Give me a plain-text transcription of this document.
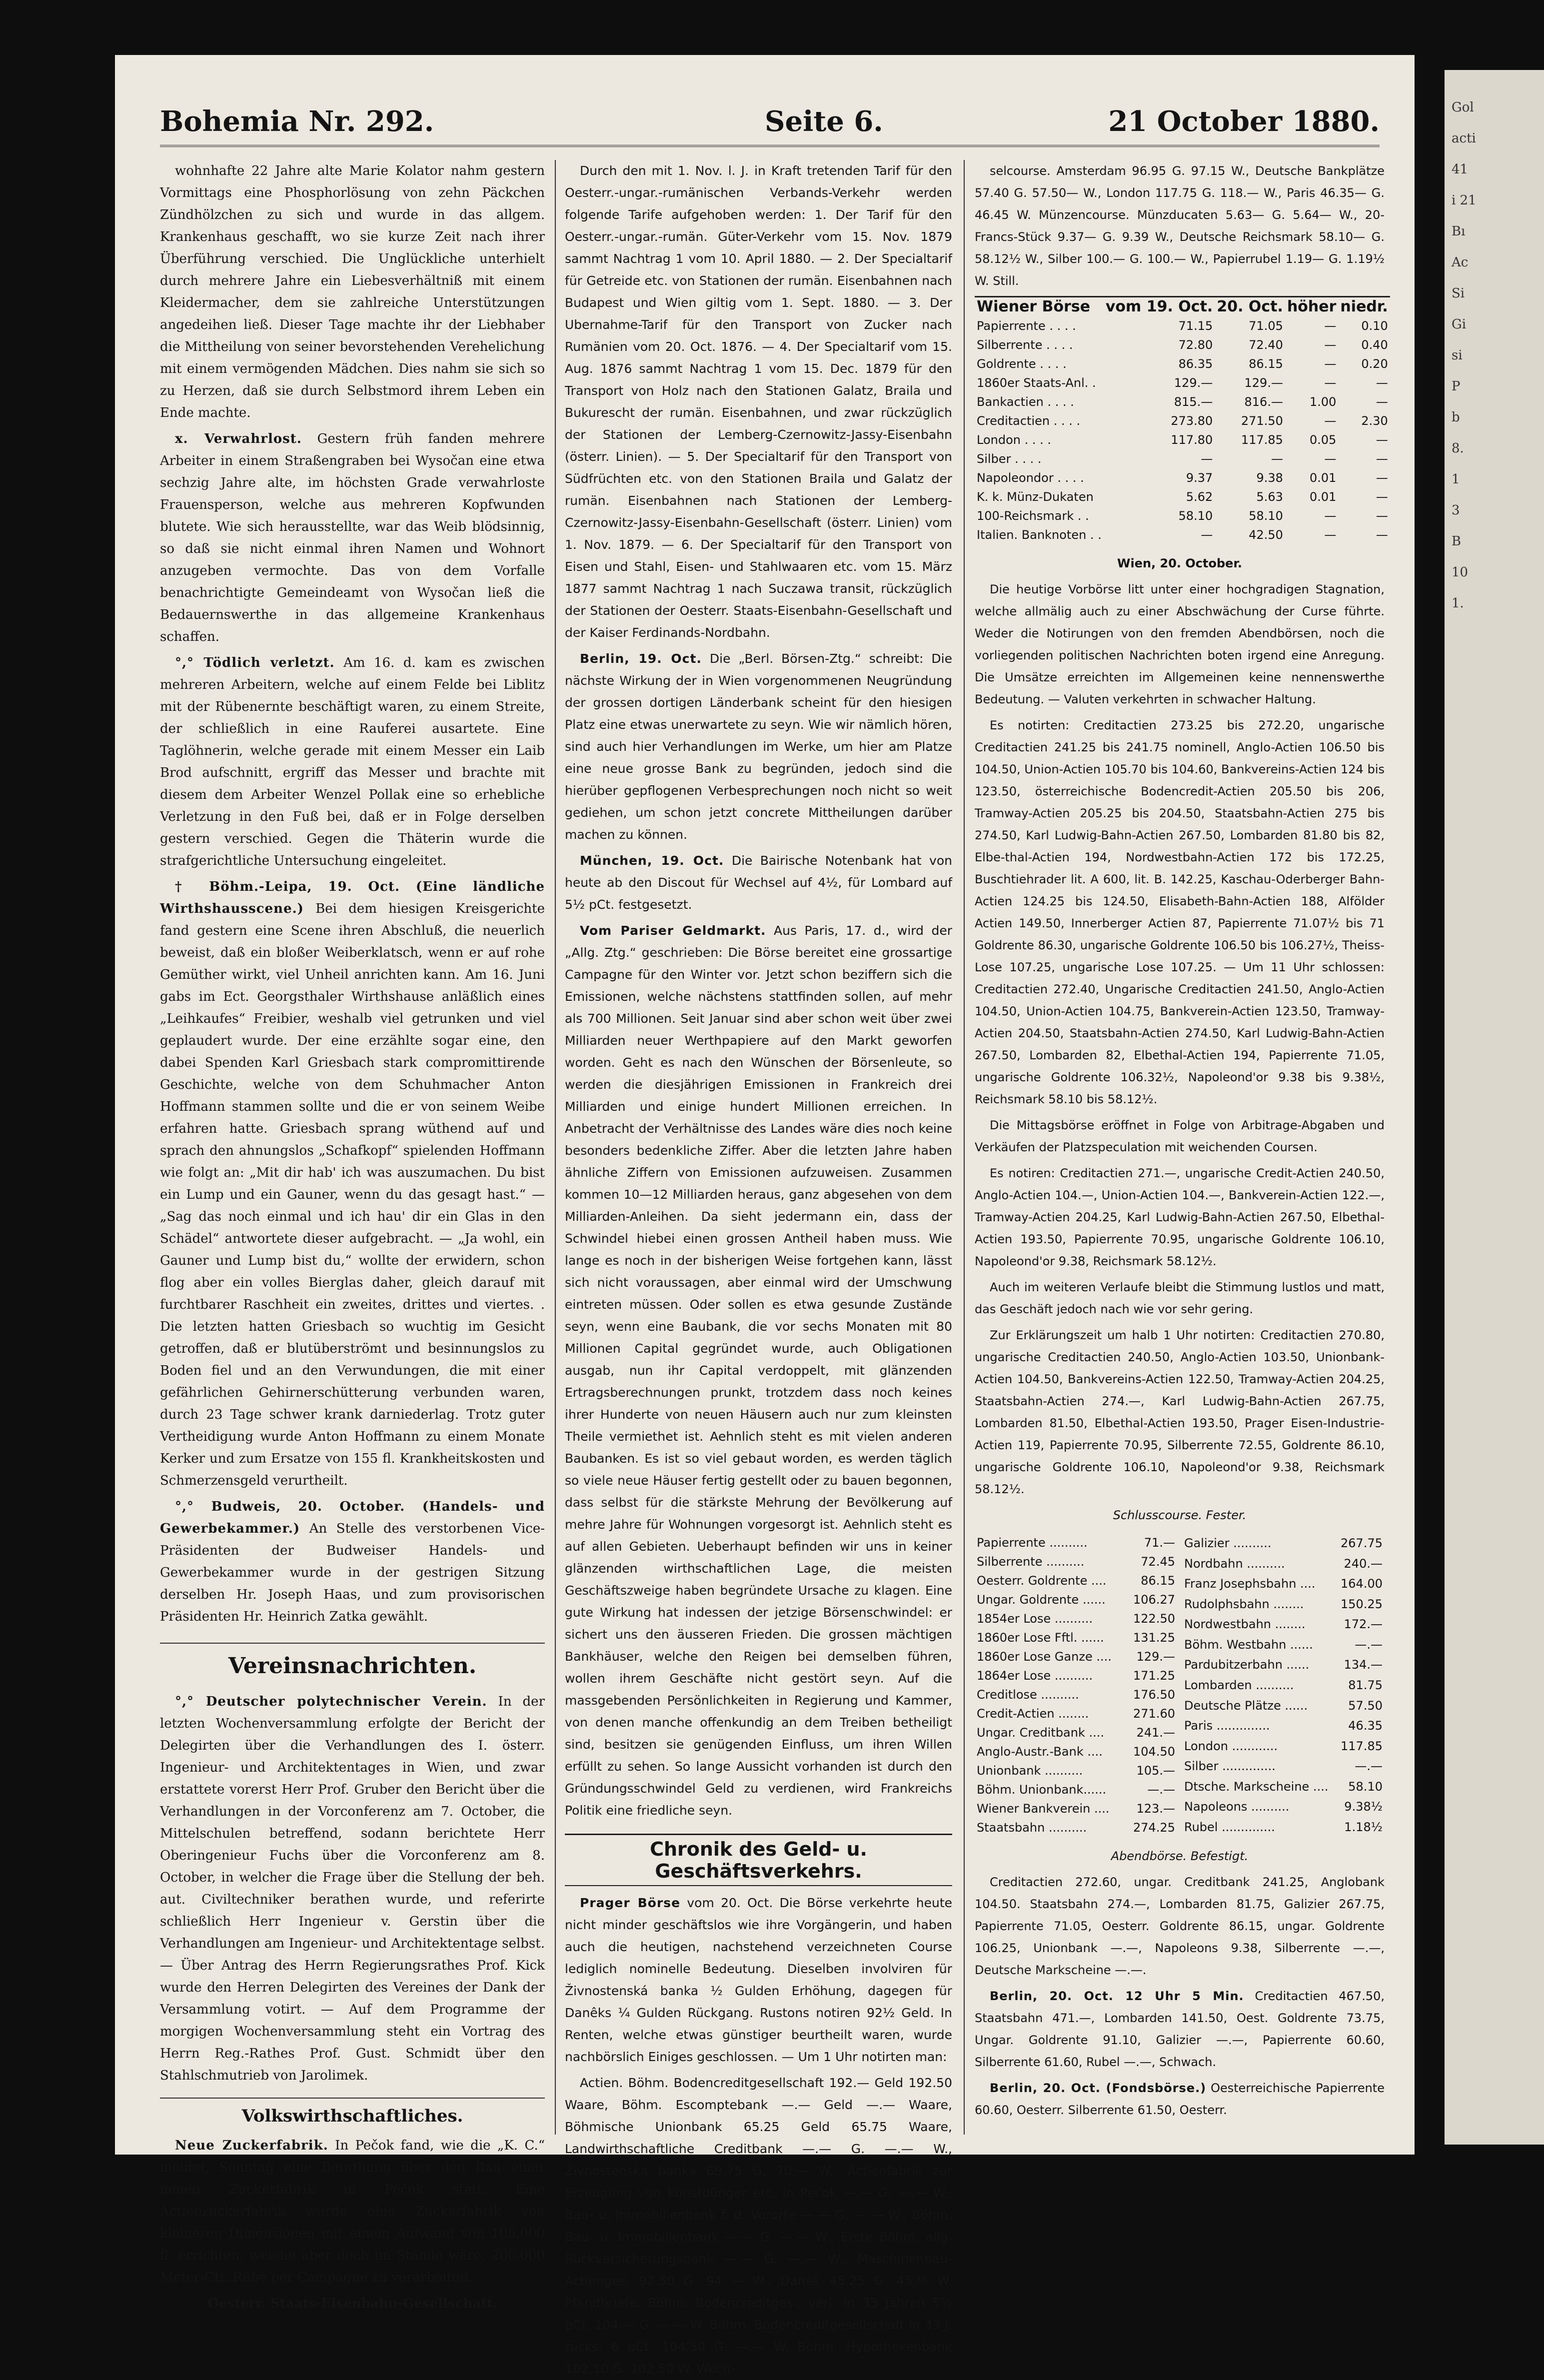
Bohemia Nr. 292.	Seite 6.	21 October 1880.

wohnhafte 22 Jahre alte Marie Kolator nahm gestern Vormittags eine Phosphorlösung von zehn Päckchen Zündhölzchen zu sich und wurde in das allgem. Krankenhaus geschafft, wo sie kurze Zeit nach ihrer Überführung verschied. Die Unglückliche unterhielt durch mehrere Jahre ein Liebesverhältniß mit einem Kleidermacher, dem sie zahlreiche Unterstützungen angedeihen ließ. Dieser Tage machte ihr der Liebhaber die Mittheilung von seiner bevorstehenden Verehelichung mit einem vermögenden Mädchen. Dies nahm sie sich so zu Herzen, daß sie durch Selbstmord ihrem Leben ein Ende machte.

x. Verwahrlost. Gestern früh fanden mehrere Arbeiter in einem Straßengraben bei Wysočan eine etwa sechzig Jahre alte, im höchsten Grade verwahrloste Frauensperson, welche aus mehreren Kopfwunden blutete. Wie sich herausstellte, war das Weib blödsinnig, so daß sie nicht einmal ihren Namen und Wohnort anzugeben vermochte. Das von dem Vorfalle benachrichtigte Gemeindeamt von Wysočan ließ die Bedauernswerthe in das allgemeine Krankenhaus schaffen.

°,° Tödlich verletzt. Am 16. d. kam es zwischen mehreren Arbeitern, welche auf einem Felde bei Liblitz mit der Rübenernte beschäftigt waren, zu einem Streite, der schließlich in eine Rauferei ausartete. Eine Taglöhnerin, welche gerade mit einem Messer ein Laib Brod aufschnitt, ergriff das Messer und brachte mit diesem dem Arbeiter Wenzel Pollak eine so erhebliche Verletzung in den Fuß bei, daß er in Folge derselben gestern verschied. Gegen die Thäterin wurde die strafgerichtliche Untersuchung eingeleitet.

† Böhm.-Leipa, 19. Oct. (Eine ländliche Wirthshausscene.) Bei dem hiesigen Kreisgerichte fand gestern eine Scene ihren Abschluß, die neuerlich beweist, daß ein bloßer Weiberklatsch, wenn er auf rohe Gemüther wirkt, viel Unheil anrichten kann. Am 16. Juni gabs im Ect. Georgsthaler Wirthshause anläßlich eines „Leihkaufes“ Freibier, weshalb viel getrunken und viel geplaudert wurde. Der eine erzählte sogar eine, den dabei Spenden Karl Griesbach stark compromittirende Geschichte, welche von dem Schuhmacher Anton Hoffmann stammen sollte und die er von seinem Weibe erfahren hatte. Griesbach sprang wüthend auf und sprach den ahnungslos „Schafkopf“ spielenden Hoffmann wie folgt an: „Mit dir hab' ich was auszumachen. Du bist ein Lump und ein Gauner, wenn du das gesagt hast.“ — „Sag das noch einmal und ich hau' dir ein Glas in den Schädel“ antwortete dieser aufgebracht. — „Ja wohl, ein Gauner und Lump bist du,“ wollte der erwidern, schon flog aber ein volles Bierglas daher, gleich darauf mit furchtbarer Raschheit ein zweites, drittes und viertes. . Die letzten hatten Griesbach so wuchtig im Gesicht getroffen, daß er blutüberströmt und besinnungslos zu Boden fiel und an den Verwundungen, die mit einer gefährlichen Gehirnerschütterung verbunden waren, durch 23 Tage schwer krank darniederlag. Trotz guter Vertheidigung wurde Anton Hoffmann zu einem Monate Kerker und zum Ersatze von 155 fl. Krankheitskosten und Schmerzensgeld verurtheilt.

°,° Budweis, 20. October. (Handels- und Gewerbekammer.) An Stelle des verstorbenen Vice-Präsidenten der Budweiser Handels- und Gewerbekammer wurde in der gestrigen Sitzung derselben Hr. Joseph Haas, und zum provisorischen Präsidenten Hr. Heinrich Zatka gewählt.

Vereinsnachrichten.

°,° Deutscher polytechnischer Verein. In der letzten Wochenversammlung erfolgte der Bericht der Delegirten über die Verhandlungen des I. österr. Ingenieur- und Architektentages in Wien, und zwar erstattete vorerst Herr Prof. Gruber den Bericht über die Verhandlungen in der Vorconferenz am 7. October, die Mittelschulen betreffend, sodann berichtete Herr Oberingenieur Fuchs über die Vorconferenz am 8. October, in welcher die Frage über die Stellung der beh. aut. Civiltechniker berathen wurde, und referirte schließlich Herr Ingenieur v. Gerstin über die Verhandlungen am Ingenieur- und Architektentage selbst. — Über Antrag des Herrn Regierungsrathes Prof. Kick wurde den Herren Delegirten des Vereines der Dank der Versammlung votirt. — Auf dem Programme der morgigen Wochenversammlung steht ein Vortrag des Herrn Reg.-Rathes Prof. Gust. Schmidt über den Stahlschmutrieb von Jarolimek.

Volkswirthschaftliches.

Neue Zuckerfabrik. In Pečok fand, wie die „K. C.“ meldet, Sonntag eine Berathung über den Bau einer neuen Zuckerfabrik in Pečok statt. Eine Actienzuckerfabrik würde eine Zuckerfabrik von kleineren Dimensionen mit einem Aufwand von 105.000 fl. errichten, welche aber doch im Stande wäre, 200.000 Meter-Ctr. Rübe per Campagne zu verarbeiten.

Oesterr. Staats-Eisenbahn-Gesellschaft.

Durch den mit 1. Nov. l. J. in Kraft tretenden Tarif für den Oesterr.-ungar.-rumänischen Verbands-Verkehr werden folgende Tarife aufgehoben werden: 1. Der Tarif für den Oesterr.-ungar.-rumän. Güter-Verkehr vom 15. Nov. 1879 sammt Nachtrag 1 vom 10. April 1880. — 2. Der Specialtarif für Getreide etc. von Stationen der rumän. Eisenbahnen nach Budapest und Wien giltig vom 1. Sept. 1880. — 3. Der Ubernahme-Tarif für den Transport von Zucker nach Rumänien vom 20. Oct. 1876. — 4. Der Specialtarif vom 15. Aug. 1876 sammt Nachtrag 1 vom 15. Dec. 1879 für den Transport von Holz nach den Stationen Galatz, Braila und Bukurescht der rumän. Eisenbahnen, und zwar rückzüglich der Stationen der Lemberg-Czernowitz-Jassy-Eisenbahn (österr. Linien). — 5. Der Specialtarif für den Transport von Südfrüchten etc. von den Stationen Braila und Galatz der rumän. Eisenbahnen nach Stationen der Lemberg-Czernowitz-Jassy-Eisenbahn-Gesellschaft (österr. Linien) vom 1. Nov. 1879. — 6. Der Specialtarif für den Transport von Eisen und Stahl, Eisen- und Stahlwaaren etc. vom 15. März 1877 sammt Nachtrag 1 nach Suczawa transit, rückzüglich der Stationen der Oesterr. Staats-Eisenbahn-Gesellschaft und der Kaiser Ferdinands-Nordbahn.

Berlin, 19. Oct. Die „Berl. Börsen-Ztg.“ schreibt: Die nächste Wirkung der in Wien vorgenommenen Neugründung der grossen dortigen Länderbank scheint für den hiesigen Platz eine etwas unerwartete zu seyn. Wie wir nämlich hören, sind auch hier Verhandlungen im Werke, um hier am Platze eine neue grosse Bank zu begründen, jedoch sind die hierüber gepflogenen Verbesprechungen noch nicht so weit gediehen, um schon jetzt concrete Mittheilungen darüber machen zu können.

München, 19. Oct. Die Bairische Notenbank hat von heute ab den Discout für Wechsel auf 4½, für Lombard auf 5½ pCt. festgesetzt.

Vom Pariser Geldmarkt. Aus Paris, 17. d., wird der „Allg. Ztg.“ geschrieben: Die Börse bereitet eine grossartige Campagne für den Winter vor. Jetzt schon beziffern sich die Emissionen, welche nächstens stattfinden sollen, auf mehr als 700 Millionen. Seit Januar sind aber schon weit über zwei Milliarden neuer Werthpapiere auf den Markt geworfen worden. Geht es nach den Wünschen der Börsenleute, so werden die diesjährigen Emissionen in Frankreich drei Milliarden und einige hundert Millionen erreichen. In Anbetracht der Verhältnisse des Landes wäre dies noch keine besonders bedenkliche Ziffer. Aber die letzten Jahre haben ähnliche Ziffern von Emissionen aufzuweisen. Zusammen kommen 10—12 Milliarden heraus, ganz abgesehen von dem Milliarden-Anleihen. Da sieht jedermann ein, dass der Schwindel hiebei einen grossen Antheil haben muss. Wie lange es noch in der bisherigen Weise fortgehen kann, lässt sich nicht voraussagen, aber einmal wird der Umschwung eintreten müssen. Oder sollen es etwa gesunde Zustände seyn, wenn eine Baubank, die vor sechs Monaten mit 80 Millionen Capital gegründet wurde, auch Obligationen ausgab, nun ihr Capital verdoppelt, mit glänzenden Ertragsberechnungen prunkt, trotzdem dass noch keines ihrer Hunderte von neuen Häusern auch nur zum kleinsten Theile vermiethet ist. Aehnlich steht es mit vielen anderen Baubanken. Es ist so viel gebaut worden, es werden täglich so viele neue Häuser fertig gestellt oder zu bauen begonnen, dass selbst für die stärkste Mehrung der Bevölkerung auf mehre Jahre für Wohnungen vorgesorgt ist. Aehnlich steht es auf allen Gebieten. Ueberhaupt befinden wir uns in keiner glänzenden wirthschaftlichen Lage, die meisten Geschäftszweige haben begründete Ursache zu klagen. Eine gute Wirkung hat indessen der jetzige Börsenschwindel: er sichert uns den äusseren Frieden. Die grossen mächtigen Bankhäuser, welche den Reigen bei demselben führen, wollen ihrem Geschäfte nicht gestört seyn. Auf die massgebenden Persönlichkeiten in Regierung und Kammer, von denen manche offenkundig an dem Treiben betheiligt sind, besitzen sie genügenden Einfluss, um ihren Willen erfüllt zu sehen. So lange Aussicht vorhanden ist durch den Gründungsschwindel Geld zu verdienen, wird Frankreichs Politik eine friedliche seyn.

Chronik des Geld- u. Geschäftsverkehrs.

Prager Börse vom 20. Oct. Die Börse verkehrte heute nicht minder geschäftslos wie ihre Vorgängerin, und haben auch die heutigen, nachstehend verzeichneten Course lediglich nominelle Bedeutung. Dieselben involviren für Živnostenská banka ½ Gulden Erhöhung, dagegen für Danêks ¼ Gulden Rückgang. Rustons notiren 92½ Geld. In Renten, welche etwas günstiger beurtheilt waren, wurde nachbörslich Einiges geschlossen. — Um 1 Uhr notirten man:

Actien. Böhm. Bodencreditgesellschaft 192.— Geld 192.50 Waare, Böhm. Escomptebank —.— Geld —.— Waare, Böhmische Unionbank 65.25 Geld 65.75 Waare, Landwirthschaftliche Creditbank —.— G. —.— W., Živnostenská banka 69.75 G. 70.— W., Actienfabrik zur Erzeugung von Kunstdünger etc. in Pečok —.— G. —.— W., Bau- u. Immobilienbank f. d. Vororte —.— G. —.— W., Böhm. Bau- u. Immobilienbank —.— G. —.— W., Erste Böhm. allg. Rückversicherungsbank —.— G. —.— W., Maschinenbau-Actienges. 92.50 G. 94 — W., Daněk 45.25 G. 45.½ W. Pfandbriefe. Böhm. Bodencreditges., verl. in 33 Jahren 5½ pCt. 104.— G. —.— W. Böhm. Bodencreditgesellschaft in 33 J. rücks. 6 pCt. 104.50 G. —.— W. Böhm. Hypothekenbank 102.10 G. 102.50 W. Wech-

selcourse. Amsterdam 96.95 G. 97.15 W., Deutsche Bankplätze 57.40 G. 57.50— W., London 117.75 G. 118.— W., Paris 46.35— G. 46.45 W. Münzencourse. Münzducaten 5.63— G. 5.64— W., 20-Francs-Stück 9.37— G. 9.39 W., Deutsche Reichsmark 58.10— G. 58.12½ W., Silber 100.— G. 100.— W., Papierrubel 1.19— G. 1.19½ W. Still.

Wiener Börse	vom 19. Oct.	20. Oct.	höher	niedr.
Papierrente . . . .	71.15	71.05	—	0.10
Silberrente . . . .	72.80	72.40	—	0.40
Goldrente . . . .	86.35	86.15	—	0.20
1860er Staats-Anl. .	129.—	129.—	—	—
Bankactien . . . .	815.—	816.—	1.00	—
Creditactien . . . .	273.80	271.50	—	2.30
London . . . .	117.80	117.85	0.05	—
Silber . . . .	—	—	—	—
Napoleondor . . . .	9.37	9.38	0.01	—
K. k. Münz-Dukaten	5.62	5.63	0.01	—
100-Reichsmark . .	58.10	58.10	—	—
Italien. Banknoten . .	—	42.50	—	—

Wien, 20. October.

Die heutige Vorbörse litt unter einer hochgradigen Stagnation, welche allmälig auch zu einer Abschwächung der Curse führte. Weder die Notirungen von den fremden Abendbörsen, noch die vorliegenden politischen Nachrichten boten irgend eine Anregung. Die Umsätze erreichten im Allgemeinen keine nennenswerthe Bedeutung. — Valuten verkehrten in schwacher Haltung.

Es notirten: Creditactien 273.25 bis 272.20, ungarische Creditactien 241.25 bis 241.75 nominell, Anglo-Actien 106.50 bis 104.50, Union-Actien 105.70 bis 104.60, Bankvereins-Actien 124 bis 123.50, österreichische Bodencredit-Actien 205.50 bis 206, Tramway-Actien 205.25 bis 204.50, Staatsbahn-Actien 275 bis 274.50, Karl Ludwig-Bahn-Actien 267.50, Lombarden 81.80 bis 82, Elbe-thal-Actien 194, Nordwestbahn-Actien 172 bis 172.25, Buschtiehrader lit. A 600, lit. B. 142.25, Kaschau-Oderberger Bahn-Actien 124.25 bis 124.50, Elisabeth-Bahn-Actien 188, Alfölder Actien 149.50, Innerberger Actien 87, Papierrente 71.07½ bis 71 Goldrente 86.30, ungarische Goldrente 106.50 bis 106.27½, Theiss-Lose 107.25, ungarische Lose 107.25. — Um 11 Uhr schlossen: Creditactien 272.40, Ungarische Creditactien 241.50, Anglo-Actien 104.50, Union-Actien 104.75, Bankverein-Actien 123.50, Tramway-Actien 204.50, Staatsbahn-Actien 274.50, Karl Ludwig-Bahn-Actien 267.50, Lombarden 82, Elbethal-Actien 194, Papierrente 71.05, ungarische Goldrente 106.32½, Napoleond'or 9.38 bis 9.38½, Reichsmark 58.10 bis 58.12½.

Die Mittagsbörse eröffnet in Folge von Arbitrage-Abgaben und Verkäufen der Platzspeculation mit weichenden Coursen.

Es notiren: Creditactien 271.—, ungarische Credit-Actien 240.50, Anglo-Actien 104.—, Union-Actien 104.—, Bankverein-Actien 122.—, Tramway-Actien 204.25, Karl Ludwig-Bahn-Actien 267.50, Elbethal-Actien 193.50, Papierrente 70.95, ungarische Goldrente 106.10, Napoleond'or 9.38, Reichsmark 58.12½.

Auch im weiteren Verlaufe bleibt die Stimmung lustlos und matt, das Geschäft jedoch nach wie vor sehr gering.

Zur Erklärungszeit um halb 1 Uhr notirten: Creditactien 270.80, ungarische Creditactien 240.50, Anglo-Actien 103.50, Unionbank-Actien 104.50, Bankvereins-Actien 122.50, Tramway-Actien 204.25, Staatsbahn-Actien 274.—, Karl Ludwig-Bahn-Actien 267.75, Lombarden 81.50, Elbethal-Actien 193.50, Prager Eisen-Industrie-Actien 119, Papierrente 70.95, Silberrente 72.55, Goldrente 86.10, ungarische Goldrente 106.10, Napoleond'or 9.38, Reichsmark 58.12½.

Schlusscourse. Fester.

Papierrente ..........	71.—
Silberrente ..........	72.45
Oesterr. Goldrente ....	86.15
Ungar. Goldrente ......	106.27
1854er Lose ..........	122.50
1860er Lose Fftl. ......	131.25
1860er Lose Ganze ....	129.—
1864er Lose ..........	171.25
Creditlose ..........	176.50
Credit-Actien ........	271.60
Ungar. Creditbank ....	241.—
Anglo-Austr.-Bank ....	104.50
Unionbank ..........	105.—
Böhm. Unionbank......	—.—
Wiener Bankverein ....	123.—
Staatsbahn ..........	274.25
Galizier ..........	267.75
Nordbahn ..........	240.—
Franz Josephsbahn ....	164.00
Rudolphsbahn ........	150.25
Nordwestbahn ........	172.—
Böhm. Westbahn ......	—.—
Pardubitzerbahn ......	134.—
Lombarden ..........	81.75
Deutsche Plätze ......	57.50
Paris ..............	46.35
London ............	117.85
Silber ..............	—.—
Dtsche. Markscheine ....	58.10
Napoleons ..........	9.38½
Rubel ..............	1.18½

Abendbörse. Befestigt.

Creditactien 272.60, ungar. Creditbank 241.25, Anglobank 104.50. Staatsbahn 274.—, Lombarden 81.75, Galizier 267.75, Papierrente 71.05, Oesterr. Goldrente 86.15, ungar. Goldrente 106.25, Unionbank —.—, Napoleons 9.38, Silberrente —.—, Deutsche Markscheine —.—.

Berlin, 20. Oct. 12 Uhr 5 Min. Creditactien 467.50, Staatsbahn 471.—, Lombarden 141.50, Oest. Goldrente 73.75, Ungar. Goldrente 91.10, Galizier —.—, Papierrente 60.60, Silberrente 61.60, Rubel —.—, Schwach.

Berlin, 20. Oct. (Fondsbörse.) Oesterreichische Papierrente 60.60, Oesterr. Silberrente 61.50, Oesterr.

Gol
acti
41
i 21
Bı
Ac
Si
Gi
si
P
b
8.
1
3
B
10
1.
